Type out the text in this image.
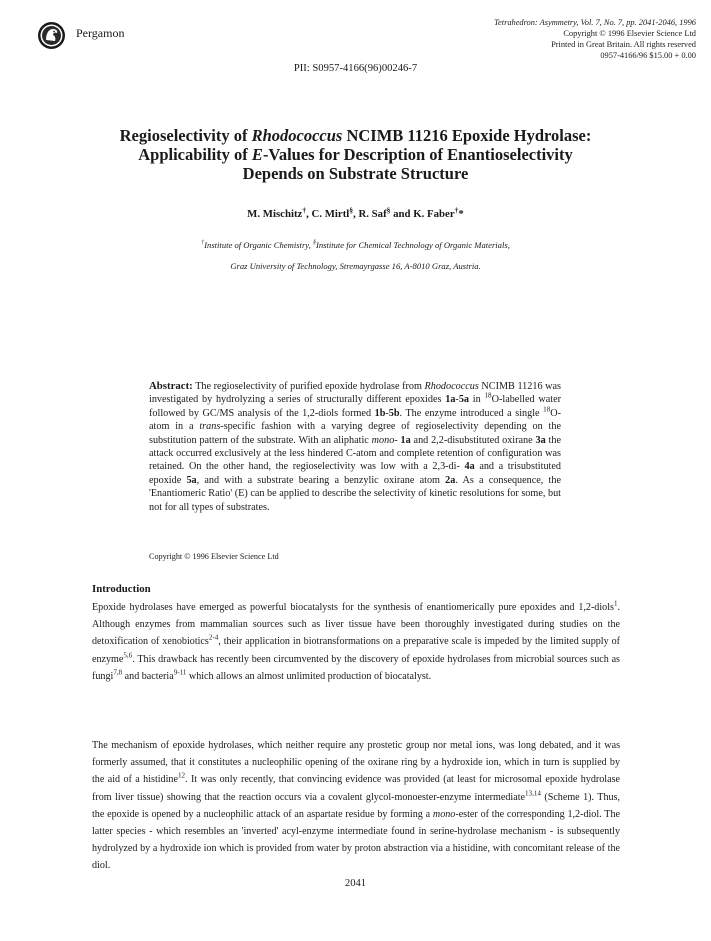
Pergamon
Tetrahedron: Asymmetry, Vol. 7, No. 7, pp. 2041-2046, 1996
Copyright © 1996 Elsevier Science Ltd
Printed in Great Britain. All rights reserved
0957-4166/96 $15.00 + 0.00
PII: S0957-4166(96)00246-7
Regioselectivity of Rhodococcus NCIMB 11216 Epoxide Hydrolase:
Applicability of E-Values for Description of Enantioselectivity
Depends on Substrate Structure
M. Mischitz†, C. Mirtl§, R. Saf§ and K. Faber†*
†Institute of Organic Chemistry, §Institute for Chemical Technology of Organic Materials,
Graz University of Technology, Stremayrgasse 16, A-8010 Graz, Austria.
Abstract: The regioselectivity of purified epoxide hydrolase from Rhodococcus NCIMB 11216 was investigated by hydrolyzing a series of structurally different epoxides 1a-5a in $^{18}$O-labelled water followed by GC/MS analysis of the 1,2-diols formed 1b-5b. The enzyme introduced a single $^{18}$O-atom in a trans-specific fashion with a varying degree of regioselectivity depending on the substitution pattern of the substrate. With an aliphatic mono- 1a and 2,2-disubstituted oxirane 3a the attack occurred exclusively at the less hindered C-atom and complete retention of configuration was retained. On the other hand, the regioselectivity was low with a 2,3-di- 4a and a trisubstituted epoxide 5a, and with a substrate bearing a benzylic oxirane atom 2a. As a consequence, the 'Enantiomeric Ratio' (E) can be applied to describe the selectivity of kinetic resolutions for some, but not for all types of substrates.
Copyright © 1996 Elsevier Science Ltd
Introduction
Epoxide hydrolases have emerged as powerful biocatalysts for the synthesis of enantiomerically pure epoxides and 1,2-diols$^1$. Although enzymes from mammalian sources such as liver tissue have been thoroughly investigated during studies on the detoxification of xenobiotics$^{2-4}$, their application in biotransformations on a preparative scale is impeded by the limited supply of enzyme$^{5,6}$. This drawback has recently been circumvented by the discovery of epoxide hydrolases from microbial sources such as fungi$^{7,8}$ and bacteria$^{9-11}$ which allows an almost unlimited production of biocatalyst.
The mechanism of epoxide hydrolases, which neither require any prostetic group nor metal ions, was long debated, and it was formerly assumed, that it constitutes a nucleophilic opening of the oxirane ring by a hydroxide ion, which in turn is supplied by the aid of a histidine$^{12}$. It was only recently, that convincing evidence was provided (at least for microsomal epoxide hydrolase from liver tissue) showing that the reaction occurs via a covalent glycol-monoester-enzyme intermediate$^{13,14}$ (Scheme 1). Thus, the epoxide is opened by a nucleophilic attack of an aspartate residue by forming a mono-ester of the corresponding 1,2-diol. The latter species - which resembles an 'inverted' acyl-enzyme intermediate found in serine-hydrolase mechanism - is subsequently hydrolyzed by a hydroxide ion which is provided from water by proton abstraction via a histidine, with concomitant release of the diol.
2041
